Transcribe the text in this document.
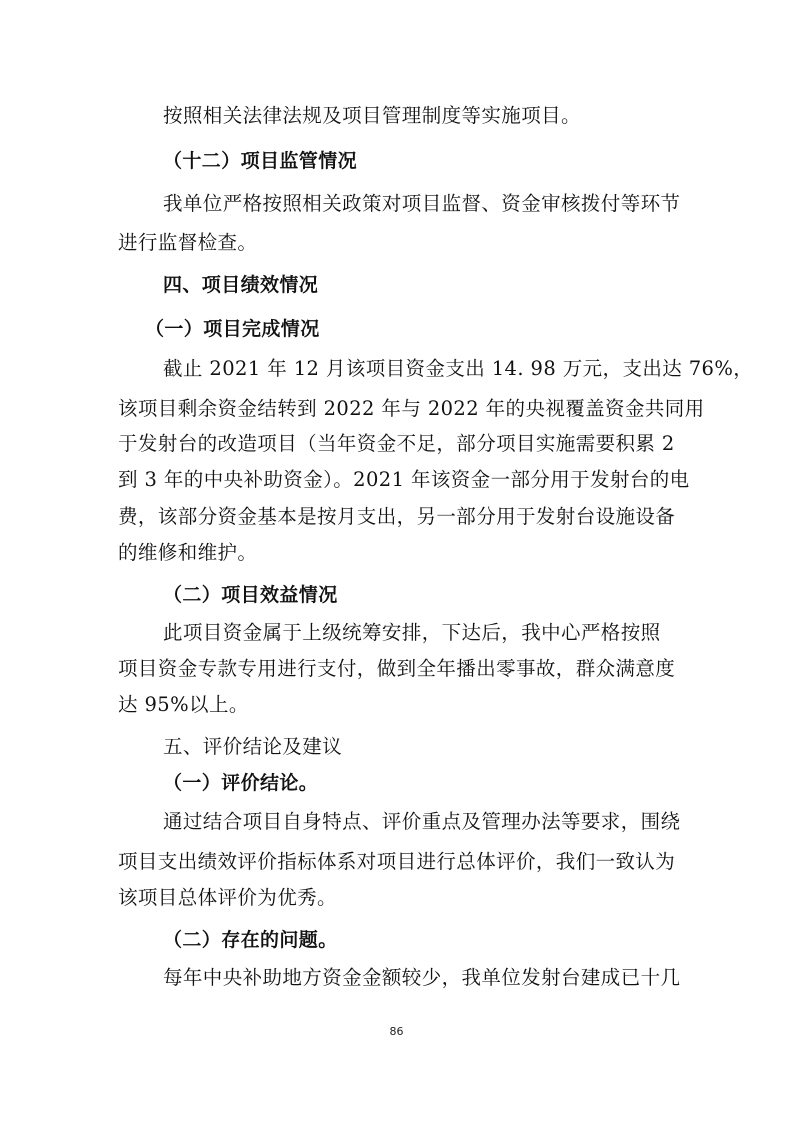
按照相关法律法规及项目管理制度等实施项目。
（十二）项目监管情况
我单位严格按照相关政策对项目监督、资金审核拨付等环节
进行监督检查。
四、项目绩效情况
（一）项目完成情况
截止 2021 年 12 月该项目资金支出 14. 98 万元，支出达 76%，
该项目剩余资金结转到 2022 年与 2022 年的央视覆盖资金共同用
于发射台的改造项目（当年资金不足，部分项目实施需要积累 2
到 3 年的中央补助资金）。2021 年该资金一部分用于发射台的电
费，该部分资金基本是按月支出，另一部分用于发射台设施设备
的维修和维护。
（二）项目效益情况
此项目资金属于上级统筹安排，下达后，我中心严格按照
项目资金专款专用进行支付，做到全年播出零事故，群众满意度
达 95%以上。
五、评价结论及建议
（一）评价结论。
通过结合项目自身特点、评价重点及管理办法等要求，围绕
项目支出绩效评价指标体系对项目进行总体评价，我们一致认为
该项目总体评价为优秀。
（二）存在的问题。
每年中央补助地方资金金额较少，我单位发射台建成已十几
86
